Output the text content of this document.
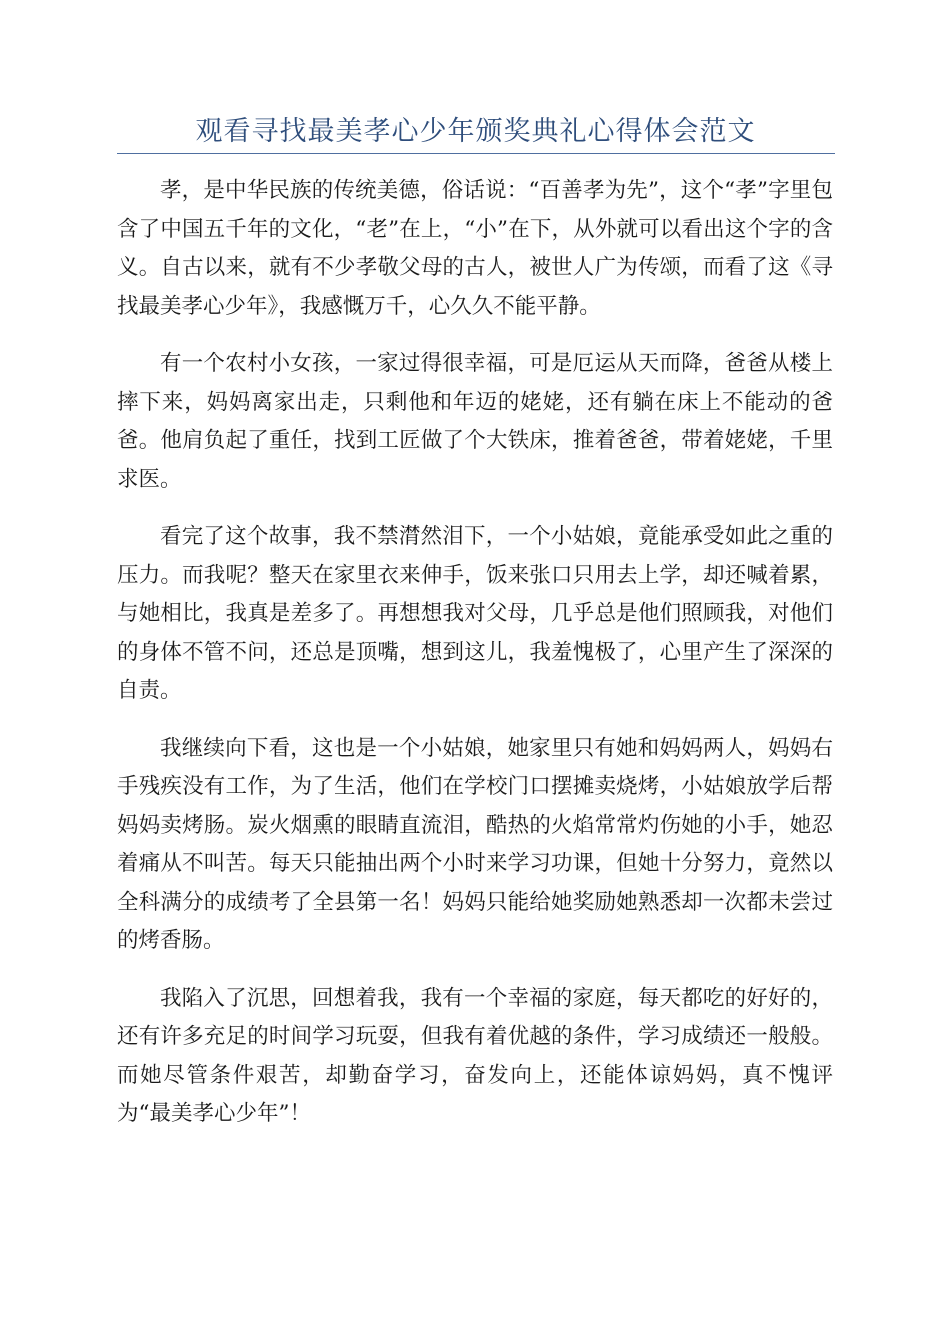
观看寻找最美孝心少年颁奖典礼心得体会范文

孝，是中华民族的传统美德，俗话说：“百善孝为先”，这个“孝”字里包含了中国五千年的文化，“老”在上，“小”在下，从外就可以看出这个字的含义。自古以来，就有不少孝敬父母的古人，被世人广为传颂，而看了这《寻找最美孝心少年》，我感慨万千，心久久不能平静。

有一个农村小女孩，一家过得很幸福，可是厄运从天而降，爸爸从楼上摔下来，妈妈离家出走，只剩他和年迈的姥姥，还有躺在床上不能动的爸爸。他肩负起了重任，找到工匠做了个大铁床，推着爸爸，带着姥姥，千里求医。

看完了这个故事，我不禁潸然泪下，一个小姑娘，竟能承受如此之重的压力。而我呢？整天在家里衣来伸手，饭来张口只用去上学，却还喊着累，与她相比，我真是差多了。再想想我对父母，几乎总是他们照顾我，对他们的身体不管不问，还总是顶嘴，想到这儿，我羞愧极了，心里产生了深深的自责。

我继续向下看，这也是一个小姑娘，她家里只有她和妈妈两人，妈妈右手残疾没有工作，为了生活，他们在学校门口摆摊卖烧烤，小姑娘放学后帮妈妈卖烤肠。炭火烟熏的眼睛直流泪，酷热的火焰常常灼伤她的小手，她忍着痛从不叫苦。每天只能抽出两个小时来学习功课，但她十分努力，竟然以全科满分的成绩考了全县第一名！妈妈只能给她奖励她熟悉却一次都未尝过的烤香肠。

我陷入了沉思，回想着我，我有一个幸福的家庭，每天都吃的好好的，还有许多充足的时间学习玩耍，但我有着优越的条件，学习成绩还一般般。而她尽管条件艰苦，却勤奋学习，奋发向上，还能体谅妈妈，真不愧评为“最美孝心少年”！
